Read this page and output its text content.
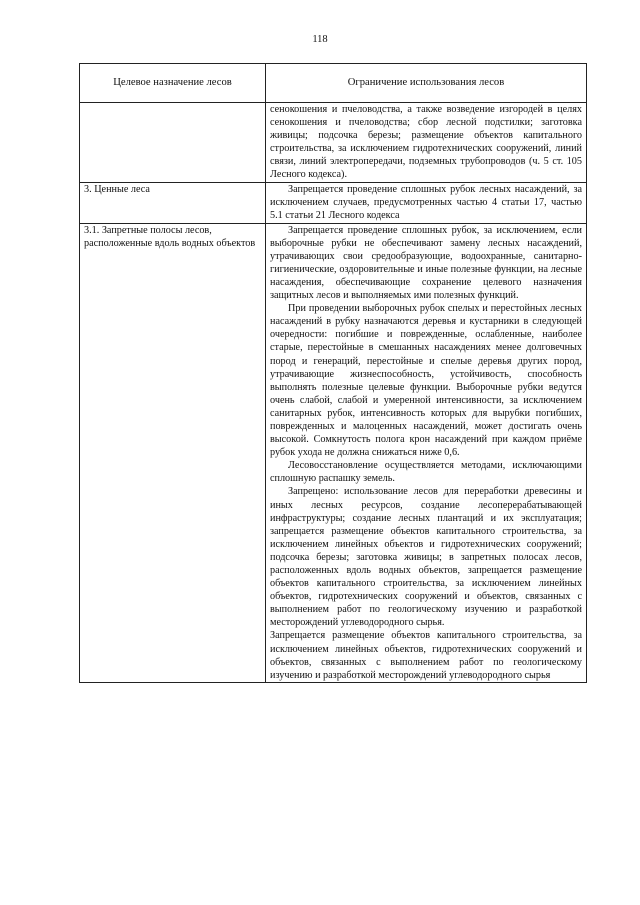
118
Целевое назначение лесов	Ограничение использования лесов

	сенокошения и пчеловодства, а также возведение изгородей в целях сенокошения и пчеловодства; сбор лесной подстилки; заготовка живицы; подсочка березы; размещение объектов капитального строительства, за исключением гидротехнических сооружений, линий связи, линий электропередачи, подземных трубопроводов (ч. 5 ст. 105 Лесного кодекса).

3. Ценные леса	Запрещается проведение сплошных рубок лесных насаждений, за исключением случаев, предусмотренных частью 4 статьи 17, частью 5.1 статьи 21 Лесного кодекса

3.1. Запретные полосы лесов, расположенные вдоль водных объектов	Запрещается проведение сплошных рубок, за исключением, если выборочные рубки не обеспечивают замену лесных насаждений, утрачивающих свои средообразующие, водоохранные, санитарно-гигиенические, оздоровительные и иные полезные функции, на лесные насаждения, обеспечивающие сохранение целевого назначения защитных лесов и выполняемых ими полезных функций.

При проведении выборочных рубок спелых и перестойных лесных насаждений в рубку назначаются деревья и кустарники в следующей очередности: погибшие и поврежденные, ослабленные, наиболее старые, перестойные в смешанных насаждениях менее долговечных пород и генераций, перестойные и спелые деревья других пород, утрачивающие жизнеспособность, устойчивость, способность выполнять полезные целевые функции. Выборочные рубки ведутся очень слабой, слабой и умеренной интенсивности, за исключением санитарных рубок, интенсивность которых для вырубки погибших, поврежденных и малоценных насаждений, может достигать очень высокой. Сомкнутость полога крон насаждений при каждом приёме рубок ухода не должна снижаться ниже 0,6.

Лесовосстановление осуществляется методами, исключающими сплошную распашку земель.

Запрещено: использование лесов для переработки древесины и иных лесных ресурсов, создание лесоперерабатывающей инфраструктуры; создание лесных плантаций и их эксплуатация; запрещается размещение объектов капитального строительства, за исключением линейных объектов и гидротехнических сооружений; подсочка березы; заготовка живицы; в запретных полосах лесов, расположенных вдоль водных объектов, запрещается размещение объектов капитального строительства, за исключением линейных объектов, гидротехнических сооружений и объектов, связанных с выполнением работ по геологическому изучению и разработкой месторождений углеводородного сырья.

Запрещается размещение объектов капитального строительства, за исключением линейных объектов, гидротехнических сооружений и объектов, связанных с выполнением работ по геологическому изучению и разработкой месторождений углеводородного сырья
